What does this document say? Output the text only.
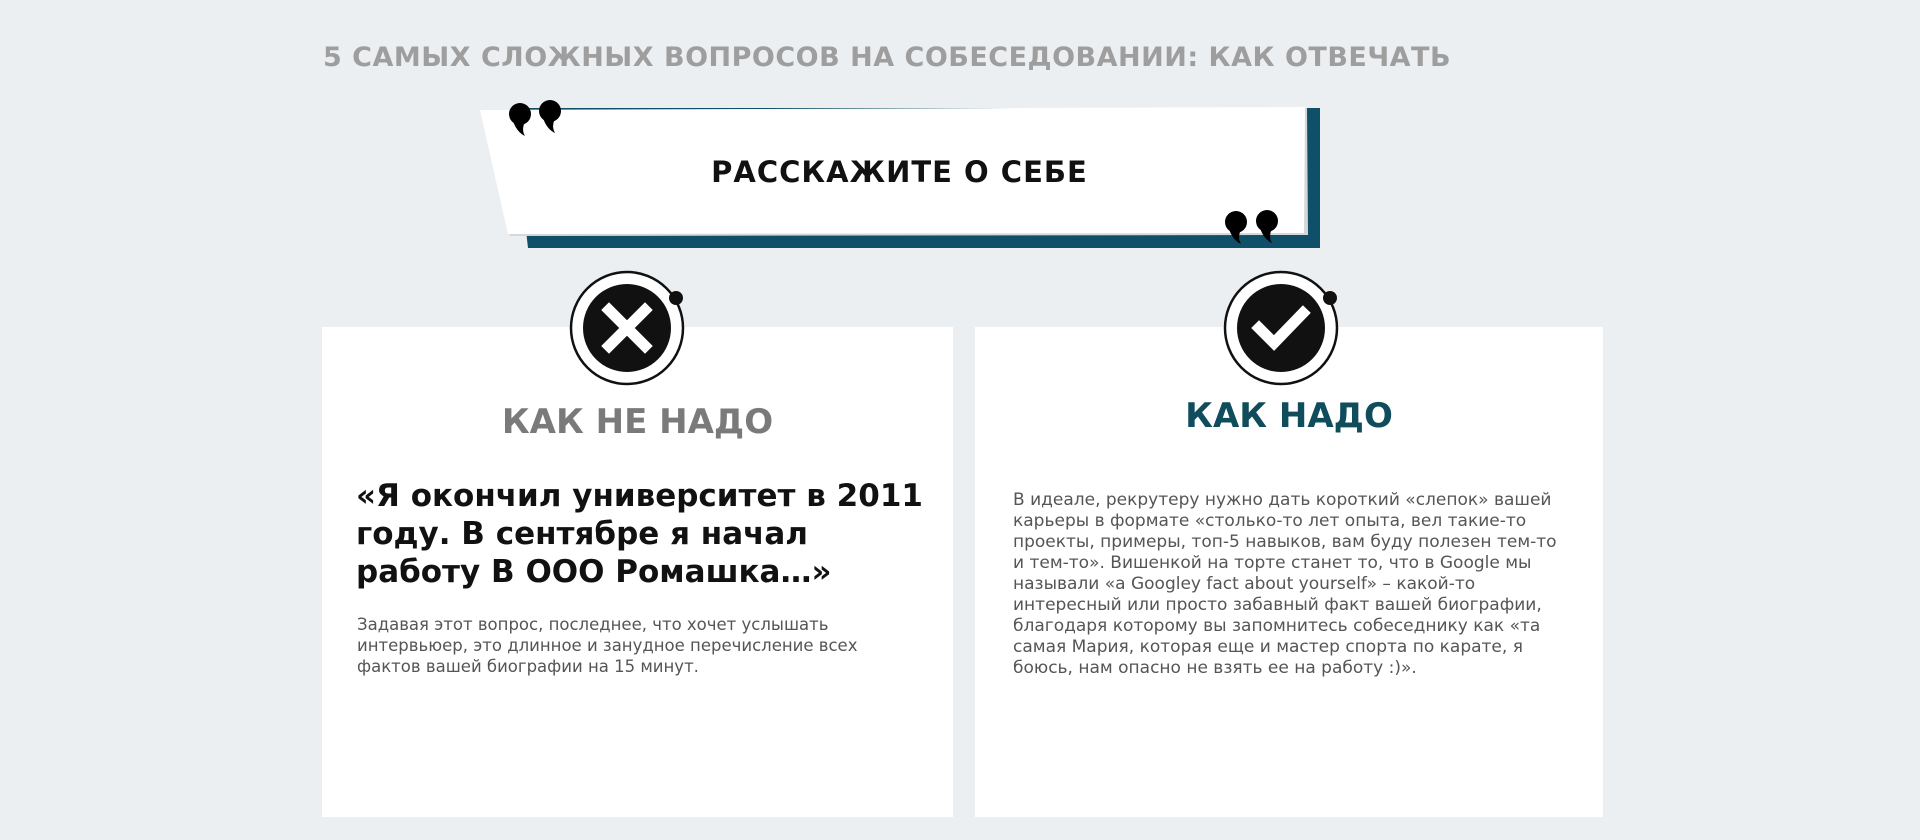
5 САМЫХ СЛОЖНЫХ ВОПРОСОВ НА СОБЕСЕДОВАНИИ: КАК ОТВЕЧАТЬ
РАССКАЖИТЕ О СЕБЕ
КАК НЕ НАДО	КАК НАДО
«Я окончил университет в 2011 году. В сентябре я начал работу В ООО Ромашка…»
Задавая этот вопрос, последнее, что хочет услышать интервьюер, это длинное и занудное перечисление всех фактов вашей биографии на 15 минут.
В идеале, рекрутеру нужно дать короткий «слепок» вашей карьеры в формате «столько-то лет опыта, вел такие-то проекты, примеры, топ-5 навыков, вам буду полезен тем-то и тем-то». Вишенкой на торте станет то, что в Google мы называли «a Googley fact about yourself» – какой-то интересный или просто забавный факт вашей биографии, благодаря которому вы запомнитесь собеседнику как «та самая Мария, которая еще и мастер спорта по карате, я боюсь, нам опасно не взять ее на работу :)».
